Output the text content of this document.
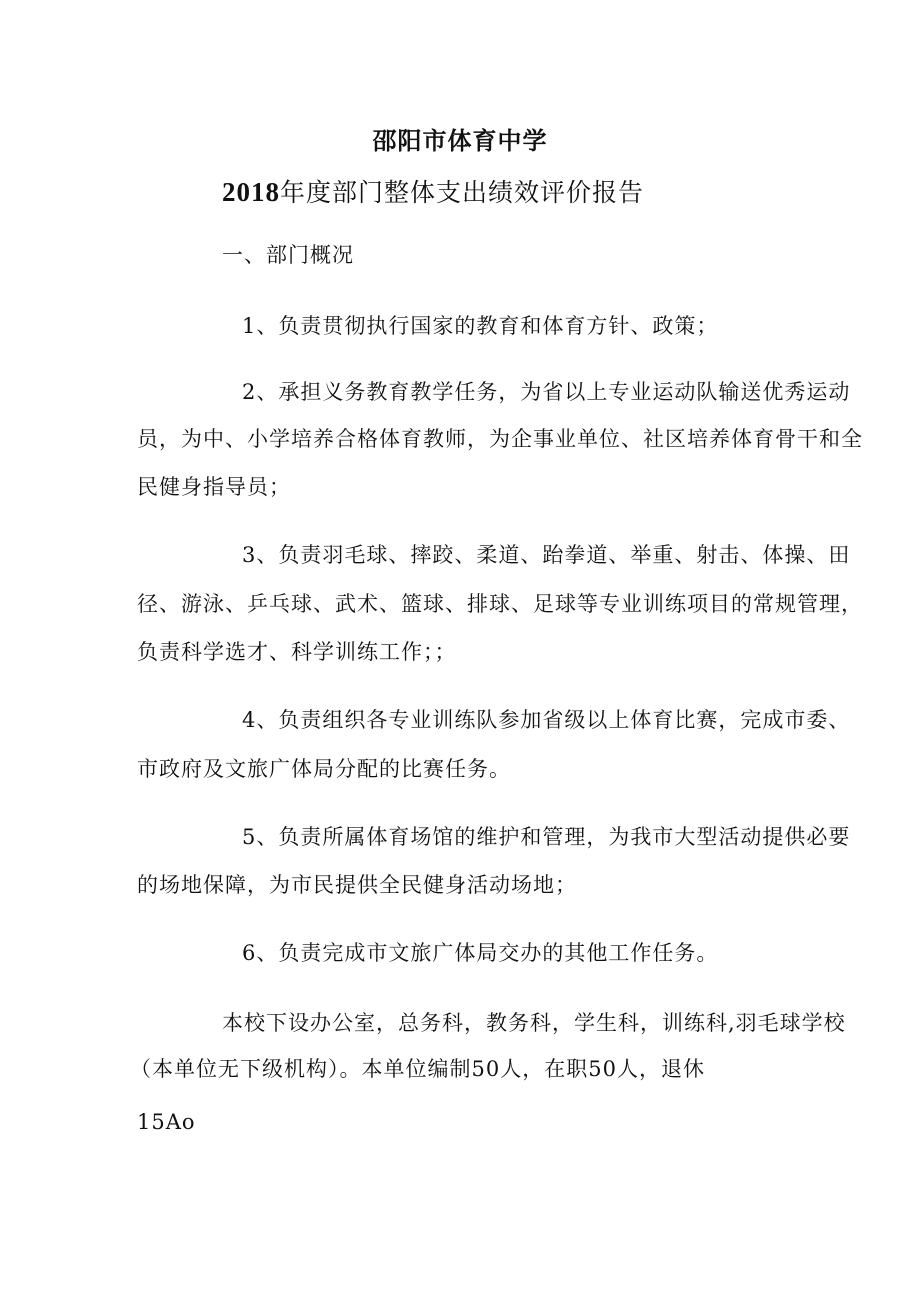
邵阳市体育中学
2018年度部门整体支出绩效评价报告
一、部门概况
1、负责贯彻执行国家的教育和体育方针、政策；
2、承担义务教育教学任务，为省以上专业运动队输送优秀运动
员，为中、小学培养合格体育教师，为企事业单位、社区培养体育骨干和全
民健身指导员；
3、负责羽毛球、摔跤、柔道、跆拳道、举重、射击、体操、田
径、游泳、乒乓球、武术、篮球、排球、足球等专业训练项目的常规管理，
负责科学选才、科学训练工作；；
4、负责组织各专业训练队参加省级以上体育比赛，完成市委、
市政府及文旅广体局分配的比赛任务。
5、负责所属体育场馆的维护和管理，为我市大型活动提供必要
的场地保障，为市民提供全民健身活动场地；
6、负责完成市文旅广体局交办的其他工作任务。
本校下设办公室，总务科，教务科，学生科，训练科,羽毛球学校
（本单位无下级机构）。本单位编制50人，在职50人，退休
15Ao
